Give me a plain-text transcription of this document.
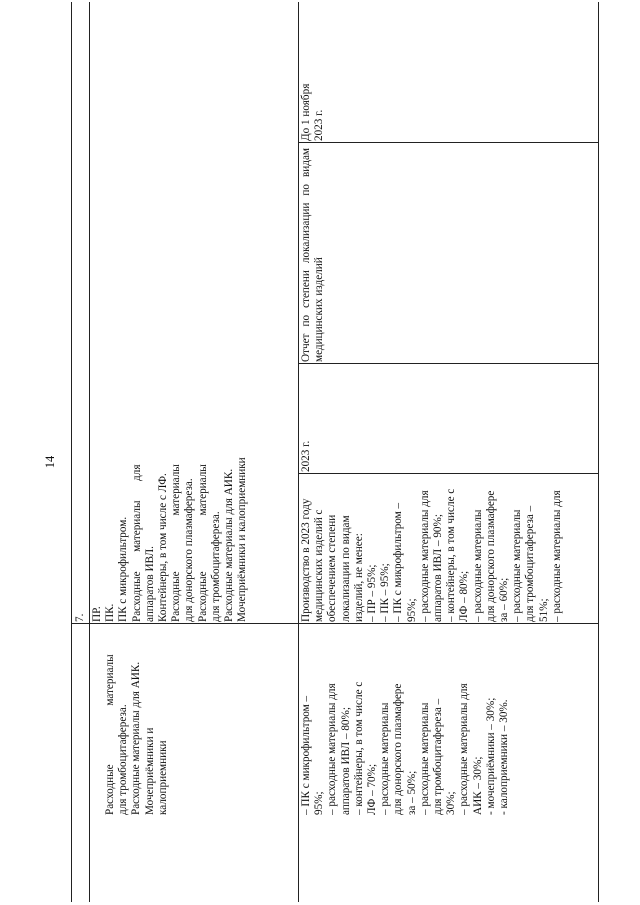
14

Расходные                     материалы для тромбоцитафереза. Расходные материалы для АИК. Мочеприёмники и калоприемники	– ПК с микрофильтром – 95%; – расходные материалы для аппаратов ИВЛ – 80%; – контейнеры, в том числе с ЛФ – 70%; – расходные материалы для донорского плазмафере за – 50%; – расходные материалы для тромбоцитафереза – 30%; – расходные материалы для АИК – 30%; - мочеприёмники – 30%; - калоприемники – 30%.

7. ПР. ПК. ПК с микрофильтром. Расходные       материалы       для аппаратов ИВЛ. Контейнеры, в том числе с ЛФ. Расходные                    материалы для донорского плазмафереза. Расходные                    материалы для тромбоцитафереза. Расходные материалы для АИК. Мочеприёмники и калоприемники	Производство в 2023 году медицинских изделий с обеспечением степени локализации по видам изделий, не менее: – ПР – 95%; – ПК – 95%; – ПК с микрофильтром – 95%; – расходные материалы для аппаратов ИВЛ – 90%; – контейнеры, в том числе с ЛФ – 80%; – расходные материалы для донорского плазмафере за – 60%; – расходные материалы для тромбоцитафереза – 51%; – расходные материалы для

2023 г.
Отчет по степени локализации по видам медицинских изделий

До 1 ноября 2023 г.
